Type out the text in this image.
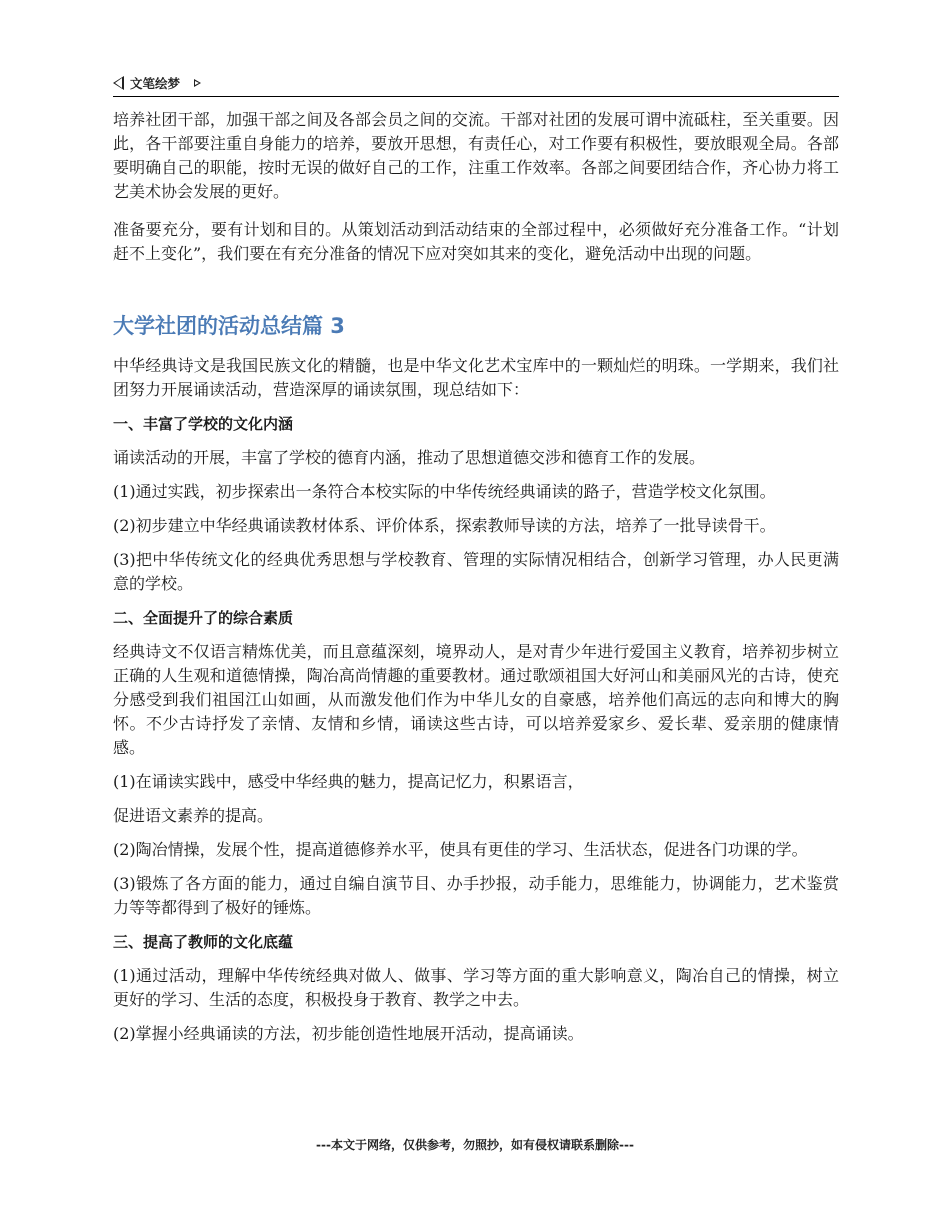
文笔绘梦

培养社团干部，加强干部之间及各部会员之间的交流。干部对社团的发展可谓中流砥柱，至关重要。因此，各干部要注重自身能力的培养，要放开思想，有责任心，对工作要有积极性，要放眼观全局。各部要明确自己的职能，按时无误的做好自己的工作，注重工作效率。各部之间要团结合作，齐心协力将工艺美术协会发展的更好。

准备要充分，要有计划和目的。从策划活动到活动结束的全部过程中，必须做好充分准备工作。“计划赶不上变化”，我们要在有充分准备的情况下应对突如其来的变化，避免活动中出现的问题。

大学社团的活动总结篇 3

中华经典诗文是我国民族文化的精髓，也是中华文化艺术宝库中的一颗灿烂的明珠。一学期来，我们社团努力开展诵读活动，营造深厚的诵读氛围，现总结如下：

一、丰富了学校的文化内涵

诵读活动的开展，丰富了学校的德育内涵，推动了思想道德交涉和德育工作的发展。

(1)通过实践，初步探索出一条符合本校实际的中华传统经典诵读的路子，营造学校文化氛围。

(2)初步建立中华经典诵读教材体系、评价体系，探索教师导读的方法，培养了一批导读骨干。

(3)把中华传统文化的经典优秀思想与学校教育、管理的实际情况相结合，创新学习管理，办人民更满意的学校。

二、全面提升了的综合素质

经典诗文不仅语言精炼优美，而且意蕴深刻，境界动人，是对青少年进行爱国主义教育，培养初步树立正确的人生观和道德情操，陶冶高尚情趣的重要教材。通过歌颂祖国大好河山和美丽风光的古诗，使充分感受到我们祖国江山如画，从而激发他们作为中华儿女的自豪感，培养他们高远的志向和博大的胸怀。不少古诗抒发了亲情、友情和乡情，诵读这些古诗，可以培养爱家乡、爱长辈、爱亲朋的健康情感。

(1)在诵读实践中，感受中华经典的魅力，提高记忆力，积累语言，

促进语文素养的提高。

(2)陶冶情操，发展个性，提高道德修养水平，使具有更佳的学习、生活状态，促进各门功课的学。

(3)锻炼了各方面的能力，通过自编自演节目、办手抄报，动手能力，思维能力，协调能力，艺术鉴赏力等等都得到了极好的锤炼。

三、提高了教师的文化底蕴

(1)通过活动，理解中华传统经典对做人、做事、学习等方面的重大影响意义，陶冶自己的情操，树立更好的学习、生活的态度，积极投身于教育、教学之中去。

(2)掌握小经典诵读的方法，初步能创造性地展开活动，提高诵读。

---本文于网络，仅供参考，勿照抄，如有侵权请联系删除---
